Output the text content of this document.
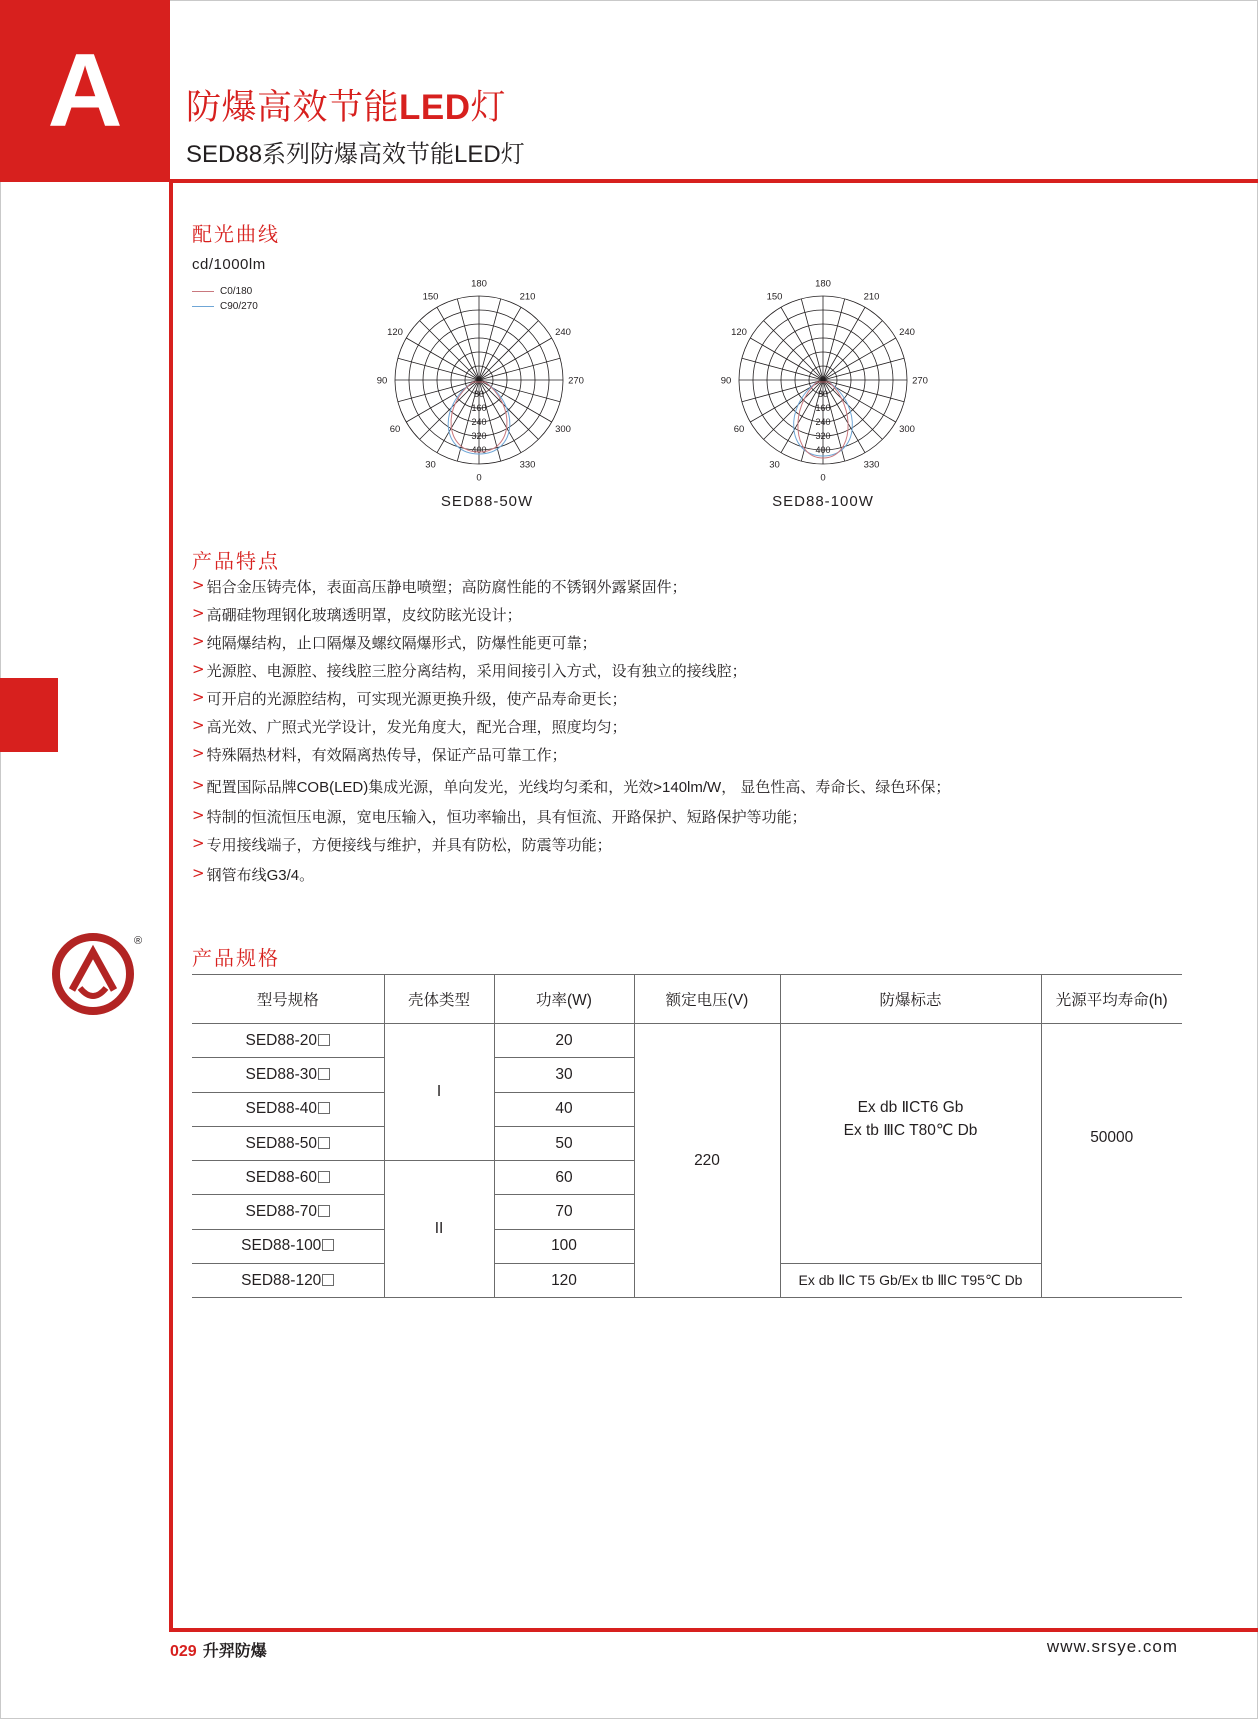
A	防爆高效节能LED灯
SED88系列防爆高效节能LED灯
配光曲线
cd/1000lm
C0/180
C90/270
180
150
120
90
60
30
0
330
300
270
240
210
0
80
160
240
320
400
180
150
120
90
60
30
0
330
300
270
240
210
0
80
160
240
320
400
SED88-50W	SED88-100W
产品特点
> 铝合金压铸壳体，表面高压静电喷塑；高防腐性能的不锈钢外露紧固件；
> 高硼硅物理钢化玻璃透明罩，皮纹防眩光设计；
> 纯隔爆结构，止口隔爆及螺纹隔爆形式，防爆性能更可靠；
> 光源腔、电源腔、接线腔三腔分离结构，采用间接引入方式，设有独立的接线腔；
> 可开启的光源腔结构，可实现光源更换升级，使产品寿命更长；
> 高光效、广照式光学设计，发光角度大，配光合理，照度均匀；
> 特殊隔热材料，有效隔离热传导，保证产品可靠工作；
> 配置国际品牌COB(LED)集成光源，单向发光，光线均匀柔和，光效>140lm/W， 显色性高、寿命长、绿色环保；
> 特制的恒流恒压电源，宽电压输入，恒功率输出，具有恒流、开路保护、短路保护等功能；
> 专用接线端子，方便接线与维护，并具有防松，防震等功能；
> 钢管布线G3/4。
产品规格
型号规格	壳体类型	功率(W)	额定电压(V)	防爆标志	光源平均寿命(h)
SED88-20	I	20	220	Ex db ⅡCT6 Gb
Ex tb ⅢC T80℃ Db	50000
SED88-30		30			
SED88-40		40			
SED88-50		50			
SED88-60	II	60			
SED88-70		70			
SED88-100		100			
SED88-120		120		Ex db ⅡC T5 Gb/Ex tb ⅢC T95℃ Db	
®
029 升羿防爆	www.srsye.com
